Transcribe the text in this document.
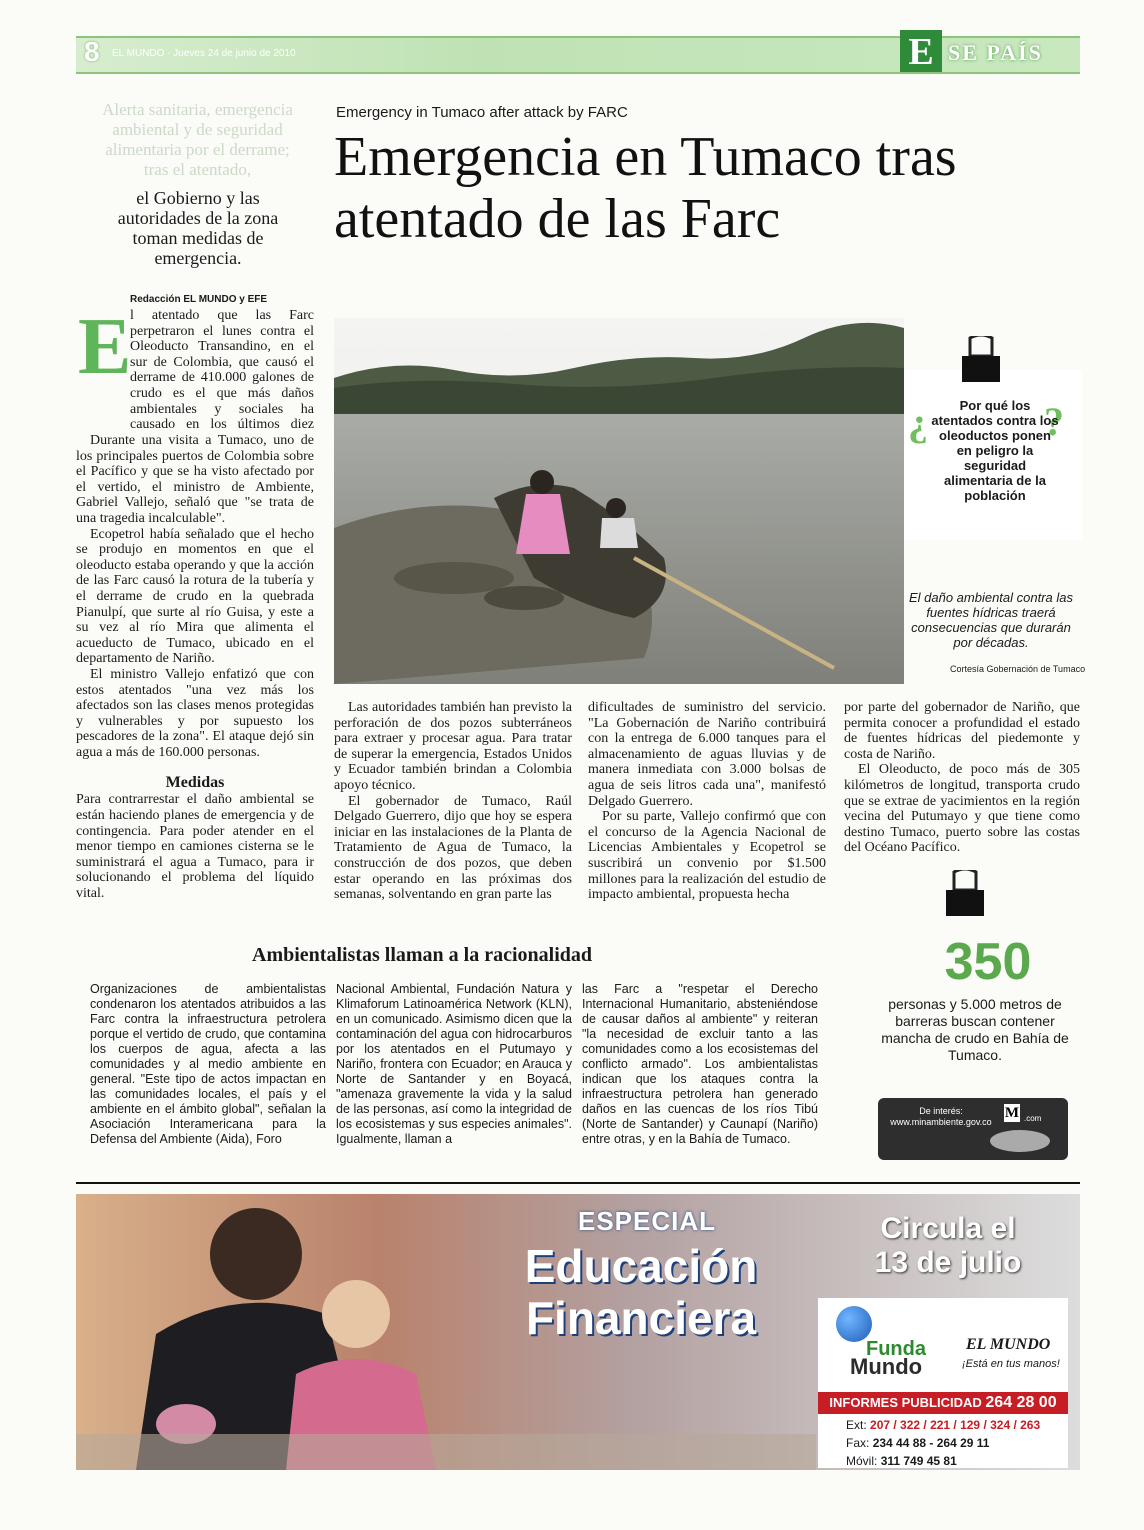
8 EL MUNDO · Jueves 24 de junio de 2010	E SE PAÍS
Alerta sanitaria, emergencia ambiental y de seguridad alimentaria por el derrame; tras el atentado,
el Gobierno y las autoridades de la zona toman medidas de emergencia.
Emergency in Tumaco after attack by FARC
Emergencia en Tumaco tras atentado de las Farc
Redacción EL MUNDO y EFE
E

l atentado que las Farc perpetraron el lunes contra el Oleoducto Transandino, en el sur de Colombia, que causó el derrame de 410.000 galones de crudo es el que más daños ambientales y sociales ha causado en los últimos diez

Durante una visita a Tumaco, uno de los principales puertos de Colombia sobre el Pacífico y que se ha visto afectado por el vertido, el ministro de Ambiente, Gabriel Vallejo, señaló que "se trata de una tragedia incalculable".

Ecopetrol había señalado que el hecho se produjo en momentos en que el oleoducto estaba operando y que la acción de las Farc causó la rotura de la tubería y el derrame de crudo en la quebrada Pianulpí, que surte al río Guisa, y este a su vez al río Mira que alimenta el acueducto de Tumaco, ubicado en el departamento de Nariño.

El ministro Vallejo enfatizó que con estos atentados "una vez más los afectados son las clases menos protegidas y vulnerables y por supuesto los pescadores de la zona". El ataque dejó sin agua a más de 160.000 personas.

Medidas

Para contrarrestar el daño ambiental se están haciendo planes de emergencia y de contingencia. Para poder atender en el menor tiempo en camiones cisterna se le suministrará el agua a Tumaco, para ir solucionando el problema del líquido vital.

¿	?
Por qué los atentados contra los oleoductos ponen en peligro la seguridad alimentaria de la población
El daño ambiental contra las fuentes hídricas traerá consecuencias que durarán por décadas.
Cortesía Gobernación de Tumaco

Las autoridades también han previsto la perforación de dos pozos subterráneos para extraer y procesar agua. Para tratar de superar la emergencia, Estados Unidos y Ecuador también brindan a Colombia apoyo técnico.

El gobernador de Tumaco, Raúl Delgado Guerrero, dijo que hoy se espera iniciar en las instalaciones de la Planta de Tratamiento de Agua de Tumaco, la construcción de dos pozos, que deben estar operando en las próximas dos semanas, solventando en gran parte las

dificultades de suministro del servicio. "La Gobernación de Nariño contribuirá con la entrega de 6.000 tanques para el almacenamiento de aguas lluvias y de manera inmediata con 3.000 bolsas de agua de seis litros cada una", manifestó Delgado Guerrero.

Por su parte, Vallejo confirmó que con el concurso de la Agencia Nacional de Licencias Ambientales y Ecopetrol se suscribirá un convenio por $1.500 millones para la realización del estudio de impacto ambiental, propuesta hecha

por parte del gobernador de Nariño, que permita conocer a profundidad el estado de fuentes hídricas del piedemonte y costa de Nariño.

El Oleoducto, de poco más de 305 kilómetros de longitud, transporta crudo que se extrae de yacimientos en la región vecina del Putumayo y que tiene como destino Tumaco, puerto sobre las costas del Océano Pacífico.

350
personas y 5.000 metros de barreras buscan contener mancha de crudo en Bahía de Tumaco.
De interés:
www.minambiente.gov.co
M .com
Ambientalistas llaman a la racionalidad
Organizaciones de ambientalistas condenaron los atentados atribuidos a las Farc contra la infraestructura petrolera porque el vertido de crudo, que contamina los cuerpos de agua, afecta a las comunidades y al medio ambiente en general. "Este tipo de actos impactan en las comunidades locales, el país y el ambiente en el ámbito global", señalan la Asociación Interamericana para la Defensa del Ambiente (Aida), Foro
Nacional Ambiental, Fundación Natura y Klimaforum Latinoamérica Network (KLN), en un comunicado. Asimismo dicen que la contaminación del agua con hidrocarburos por los atentados en el Putumayo y Nariño, frontera con Ecuador; en Arauca y Norte de Santander y en Boyacá, "amenaza gravemente la vida y la salud de las personas, así como la integridad de los ecosistemas y sus especies animales". Igualmente, llaman a
las Farc a "respetar el Derecho Internacional Humanitario, absteniéndose de causar daños al ambiente" y reiteran "la necesidad de excluir tanto a las comunidades como a los ecosistemas del conflicto armado". Los ambientalistas indican que los ataques contra la infraestructura petrolera han generado daños en las cuencas de los ríos Tibú (Norte de Santander) y Caunapí (Nariño) entre otras, y en la Bahía de Tumaco.
ESPECIAL
Educación
Financiera
Circula el
13 de julio
Funda
Mundo
EL MUNDO
¡Está en tus manos!
INFORMES PUBLICIDAD 264 28 00
Ext: 207 / 322 / 221 / 129 / 324 / 263
Fax: 234 44 88 - 264 29 11
Móvil: 311 749 45 81
